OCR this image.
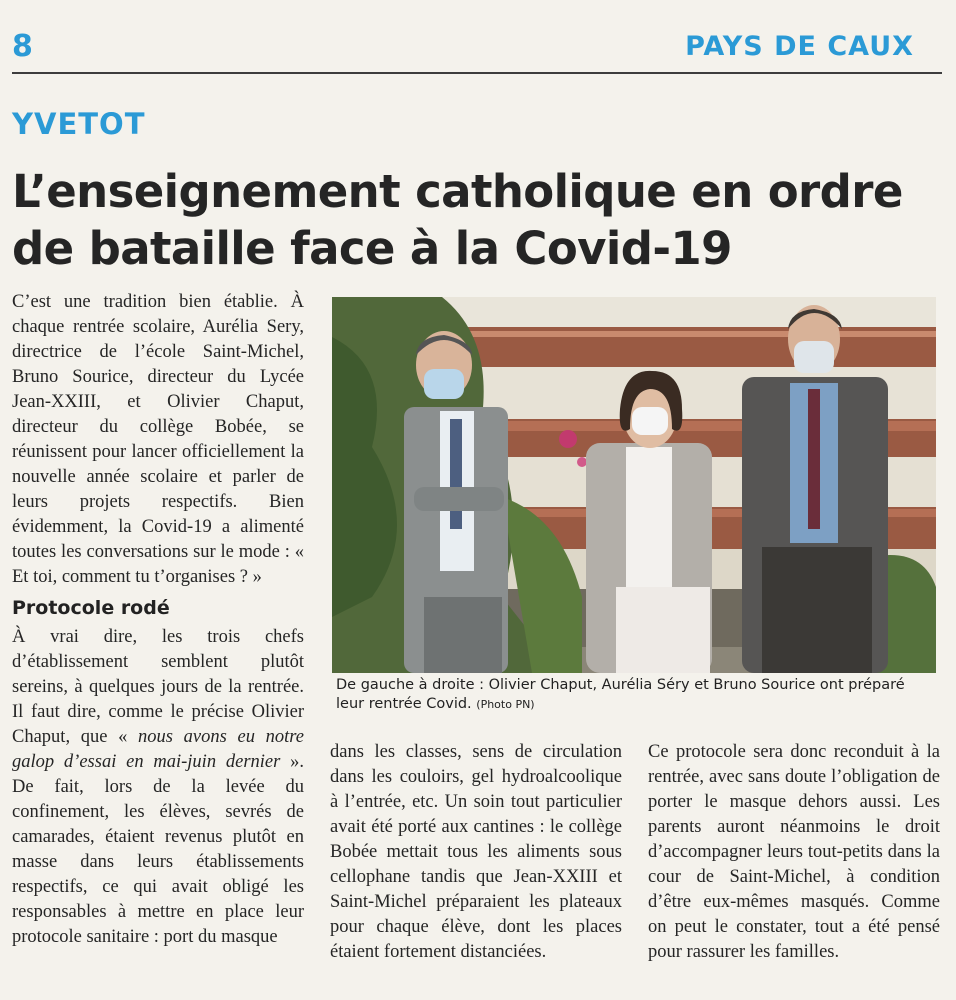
8	PAYS DE CAUX
YVETOT
L’enseignement catholique en ordre de bataille face à la Covid-19

C’est une tradition bien établie. À chaque rentrée scolaire, Aurélia Sery, directrice de l’école Saint-Michel, Bruno Sourice, directeur du Lycée Jean-XXIII, et Olivier Chaput, directeur du collège Bobée, se réunissent pour lancer officiellement la nouvelle année scolaire et parler de leurs projets respectifs. Bien évidemment, la Covid-19 a alimenté toutes les conversations sur le mode : « Et toi, comment tu t’organises ? »

Protocole rodé

À vrai dire, les trois chefs d’établissement semblent plutôt sereins, à quelques jours de la rentrée. Il faut dire, comme le précise Olivier Chaput, que « nous avons eu notre galop d’essai en mai-juin dernier ». De fait, lors de la levée du confinement, les élèves, sevrés de camarades, étaient revenus plutôt en masse dans leurs établissements respectifs, ce qui avait obligé les responsables à mettre en place leur protocole sanitaire : port du masque

De gauche à droite : Olivier Chaput, Aurélia Séry et Bruno Sourice ont préparé leur rentrée Covid. (Photo PN)

dans les classes, sens de circulation dans les couloirs, gel hydroalcoolique à l’entrée, etc. Un soin tout particulier avait été porté aux cantines : le collège Bobée mettait tous les aliments sous cellophane tandis que Jean-XXIII et Saint-Michel préparaient les plateaux pour chaque élève, dont les places étaient fortement distanciées.

Ce protocole sera donc reconduit à la rentrée, avec sans doute l’obligation de porter le masque dehors aussi. Les parents auront néanmoins le droit d’accompagner leurs tout-petits dans la cour de Saint-Michel, à condition d’être eux-mêmes masqués. Comme on peut le constater, tout a été pensé pour rassurer les familles.
